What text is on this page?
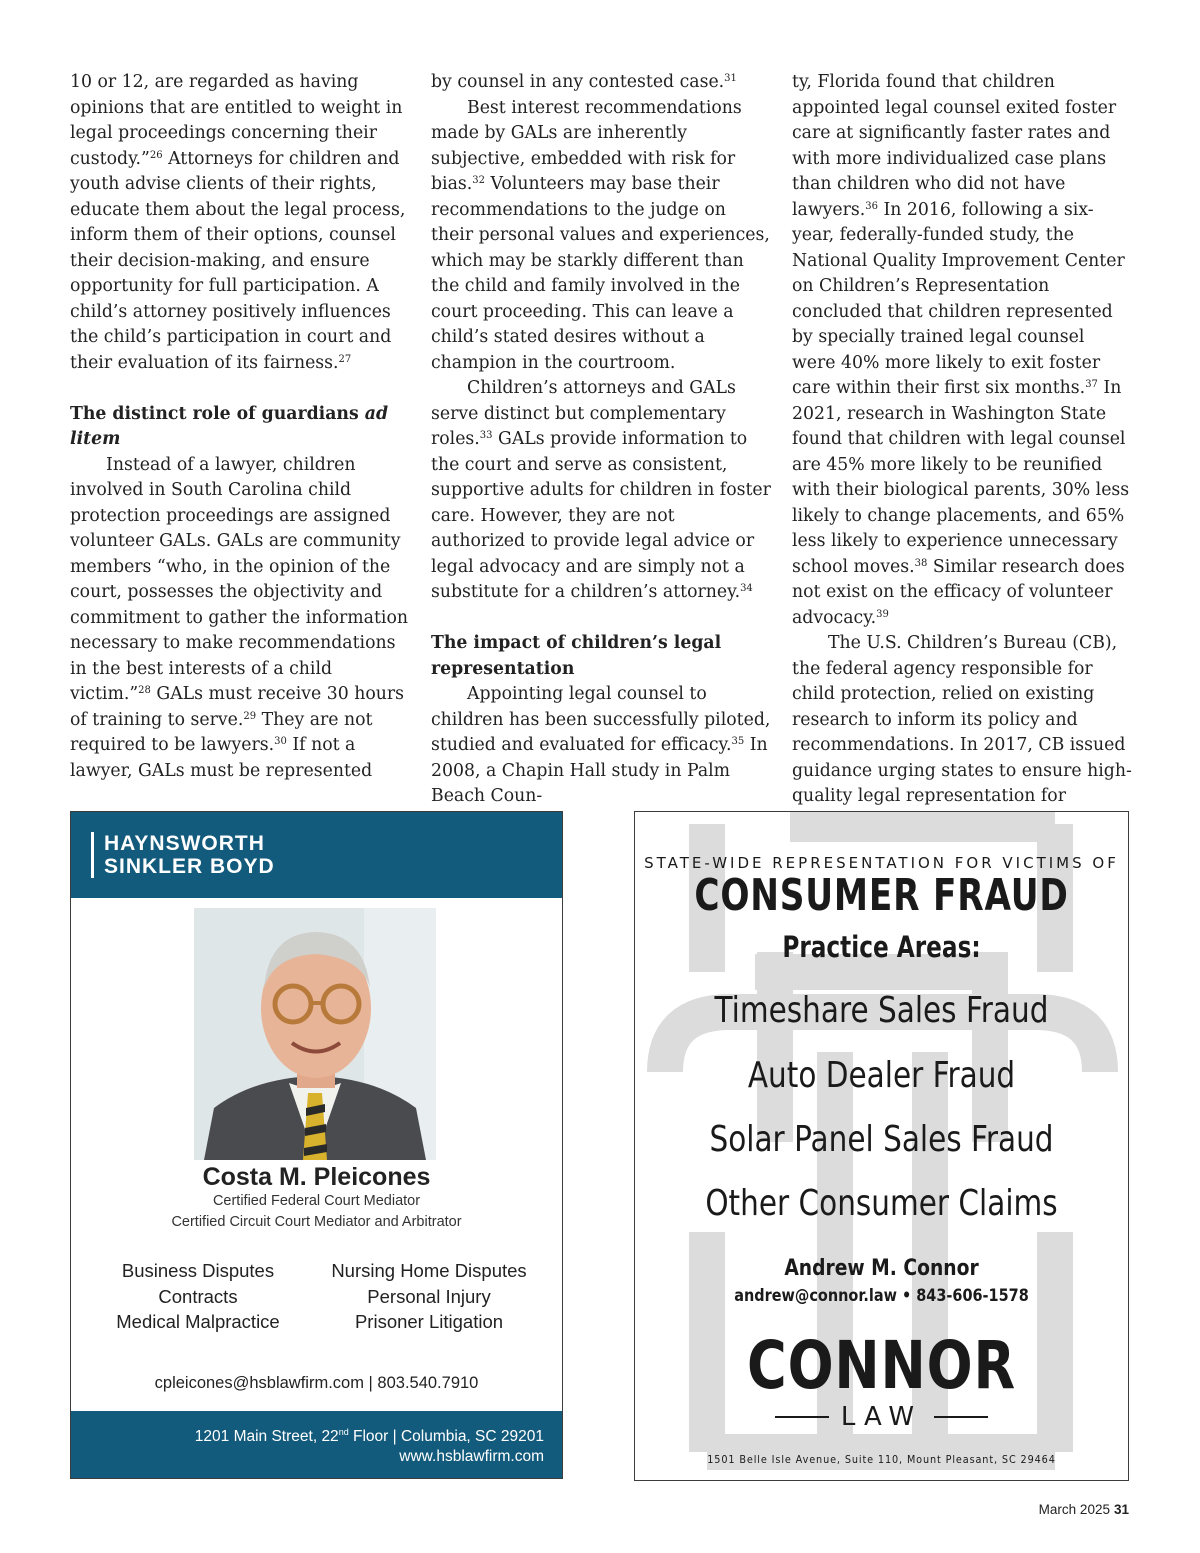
10 or 12, are regarded as having opinions that are entitled to weight in legal proceedings concerning their custody.”$^{26}$ Attorneys for children and youth advise clients of their rights, educate them about the legal process, inform them of their options, counsel their decision-making, and ensure opportunity for full participation. A child’s attorney positively influences the child’s participation in court and their evaluation of its fairness.$^{27}$

The distinct role of guardians ad litem

Instead of a lawyer, children involved in South Carolina child protection proceedings are assigned volunteer GALs. GALs are community members “who, in the opinion of the court, possesses the objectivity and commitment to gather the information necessary to make recommendations in the best interests of a child victim.”$^{28}$ GALs must receive 30 hours of training to serve.$^{29}$ They are not required to be lawyers.$^{30}$ If not a lawyer, GALs must be represented

by counsel in any contested case.$^{31}$

Best interest recommendations made by GALs are inherently subjective, embedded with risk for bias.$^{32}$ Volunteers may base their recommendations to the judge on their personal values and experiences, which may be starkly different than the child and family involved in the court proceeding. This can leave a child’s stated desires without a champion in the courtroom.

Children’s attorneys and GALs serve distinct but complementary roles.$^{33}$ GALs provide information to the court and serve as consistent, supportive adults for children in foster care. However, they are not authorized to provide legal advice or legal advocacy and are simply not a substitute for a children’s attorney.$^{34}$

The impact of children’s legal representation

Appointing legal counsel to children has been successfully piloted, studied and evaluated for efficacy.$^{35}$ In 2008, a Chapin Hall study in Palm Beach Coun-

ty, Florida found that children appointed legal counsel exited foster care at significantly faster rates and with more individualized case plans than children who did not have lawyers.$^{36}$ In 2016, following a six-year, federally-funded study, the National Quality Improvement Center on Children’s Representation concluded that children represented by specially trained legal counsel were 40% more likely to exit foster care within their first six months.$^{37}$ In 2021, research in Washington State found that children with legal counsel are 45% more likely to be reunified with their biological parents, 30% less likely to change placements, and 65% less likely to experience unnecessary school moves.$^{38}$ Similar research does not exist on the efficacy of volunteer advocacy.$^{39}$

The U.S. Children’s Bureau (CB), the federal agency responsible for child protection, relied on existing research to inform its policy and recommendations. In 2017, CB issued guidance urging states to ensure high-quality legal representation for

HAYNSWORTH
SINKLER BOYD
Costa M. Pleicones
Certified Federal Court Mediator
Certified Circuit Court Mediator and Arbitrator
Business Disputes
Contracts
Medical Malpractice
Nursing Home Disputes
Personal Injury
Prisoner Litigation
cpleicones@hsblawfirm.com | 803.540.7910
1201 Main Street, 22nd Floor | Columbia, SC 29201
www.hsblawfirm.com
STATE-WIDE REPRESENTATION FOR VICTIMS OF
CONSUMER FRAUD
Practice Areas:
Timeshare Sales Fraud
Auto Dealer Fraud
Solar Panel Sales Fraud
Other Consumer Claims
Andrew M. Connor
andrew@connor.law • 843-606-1578
CONNOR
LAW
1501 Belle Isle Avenue, Suite 110, Mount Pleasant, SC 29464
March 2025 31
